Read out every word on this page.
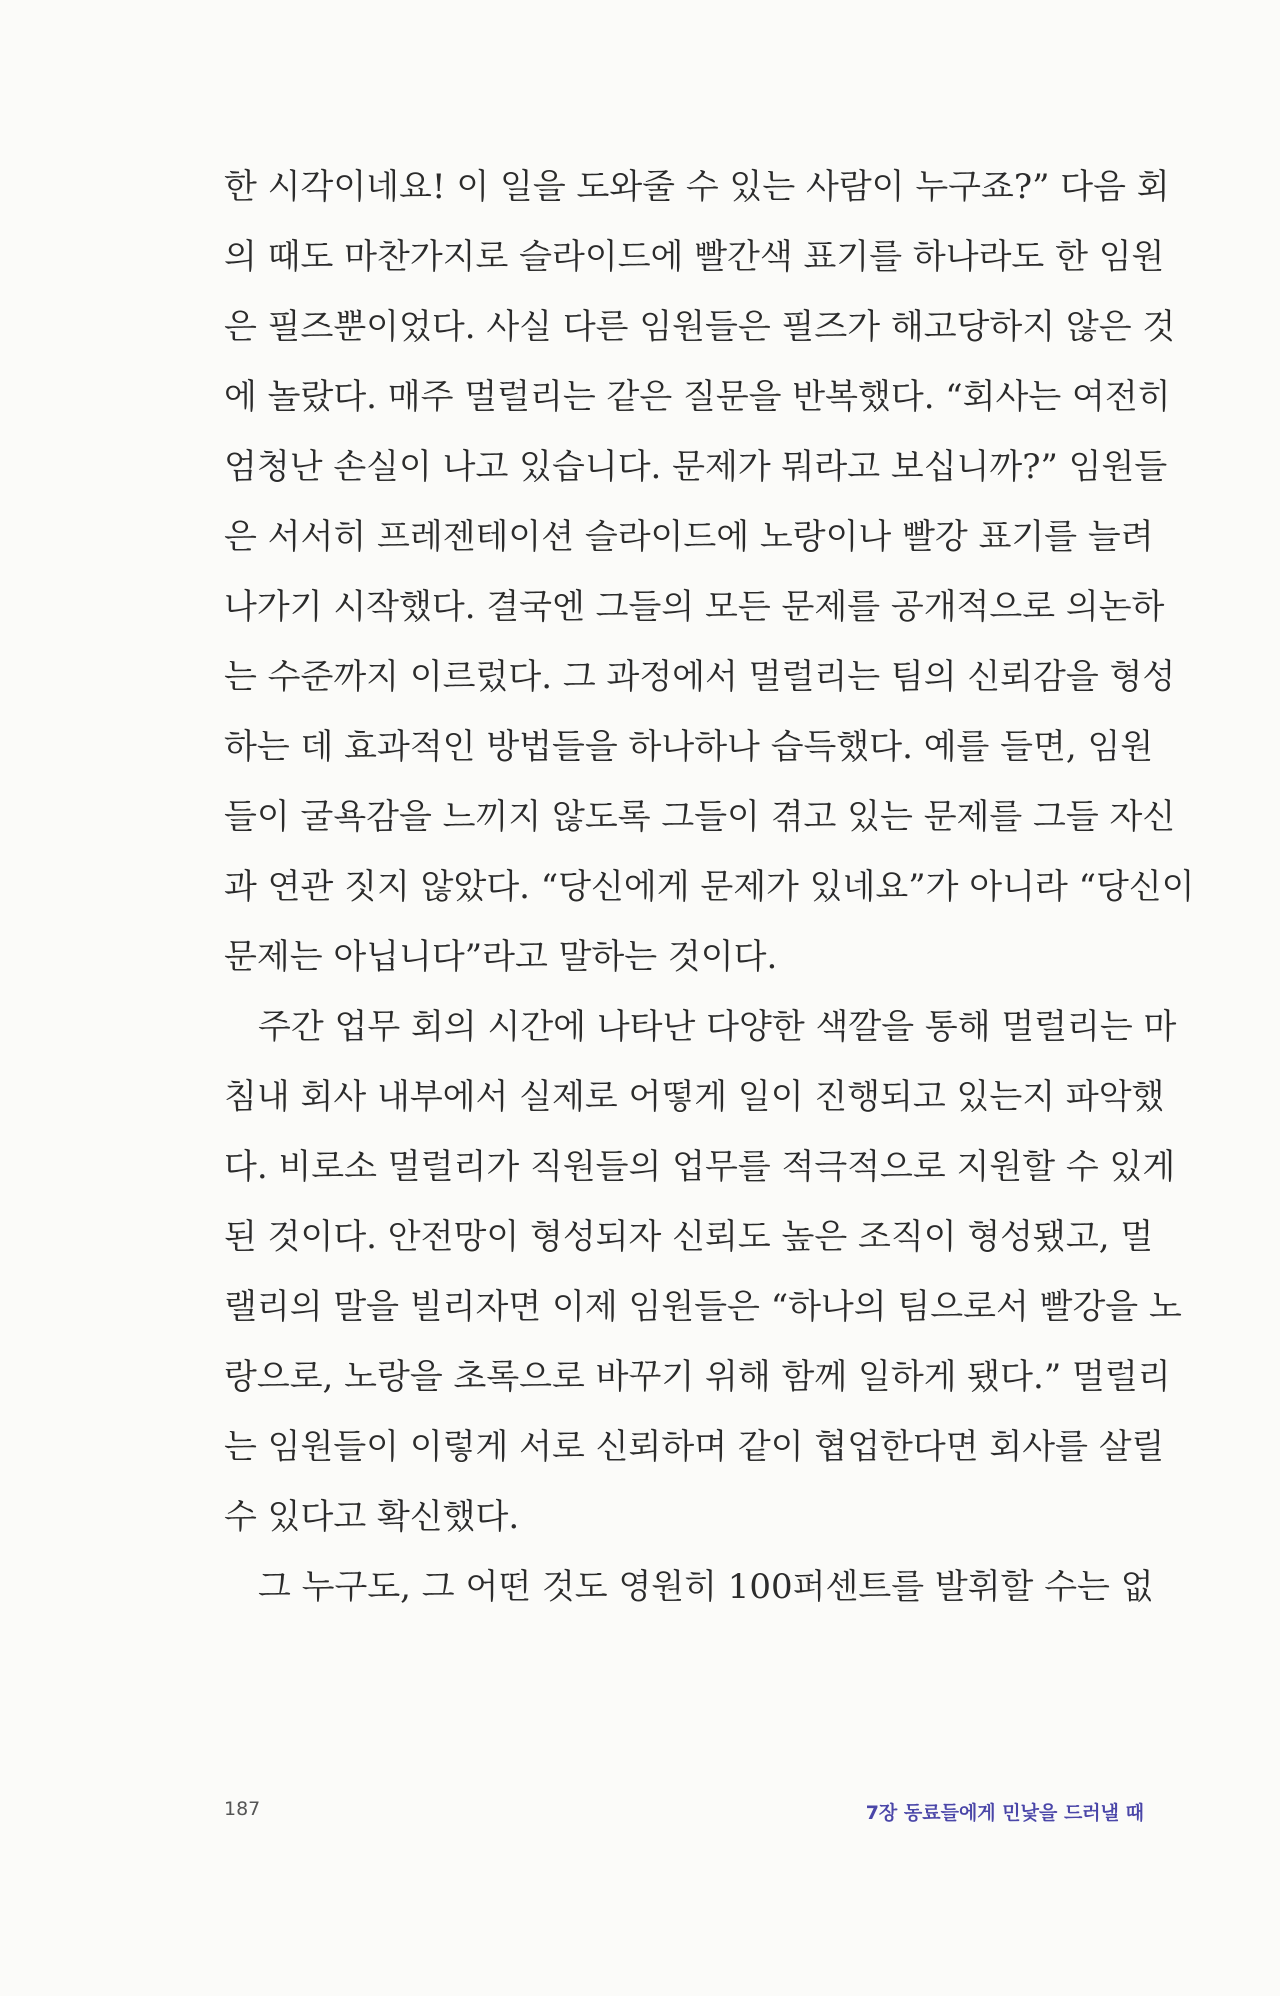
한 시각이네요! 이 일을 도와줄 수 있는 사람이 누구죠?” 다음 회
의 때도 마찬가지로 슬라이드에 빨간색 표기를 하나라도 한 임원
은 필즈뿐이었다. 사실 다른 임원들은 필즈가 해고당하지 않은 것
에 놀랐다. 매주 멀럴리는 같은 질문을 반복했다. “회사는 여전히
엄청난 손실이 나고 있습니다. 문제가 뭐라고 보십니까?” 임원들
은 서서히 프레젠테이션 슬라이드에 노랑이나 빨강 표기를 늘려
나가기 시작했다. 결국엔 그들의 모든 문제를 공개적으로 의논하
는 수준까지 이르렀다. 그 과정에서 멀럴리는 팀의 신뢰감을 형성
하는 데 효과적인 방법들을 하나하나 습득했다. 예를 들면, 임원
들이 굴욕감을 느끼지 않도록 그들이 겪고 있는 문제를 그들 자신
과 연관 짓지 않았다. “당신에게 문제가 있네요”가 아니라 “당신이
문제는 아닙니다”라고 말하는 것이다.
주간 업무 회의 시간에 나타난 다양한 색깔을 통해 멀럴리는 마
침내 회사 내부에서 실제로 어떻게 일이 진행되고 있는지 파악했
다. 비로소 멀럴리가 직원들의 업무를 적극적으로 지원할 수 있게
된 것이다. 안전망이 형성되자 신뢰도 높은 조직이 형성됐고, 멀
랠리의 말을 빌리자면 이제 임원들은 “하나의 팀으로서 빨강을 노
랑으로, 노랑을 초록으로 바꾸기 위해 함께 일하게 됐다.” 멀럴리
는 임원들이 이렇게 서로 신뢰하며 같이 협업한다면 회사를 살릴
수 있다고 확신했다.
그 누구도, 그 어떤 것도 영원히 100퍼센트를 발휘할 수는 없
187	7장 동료들에게 민낯을 드러낼 때
